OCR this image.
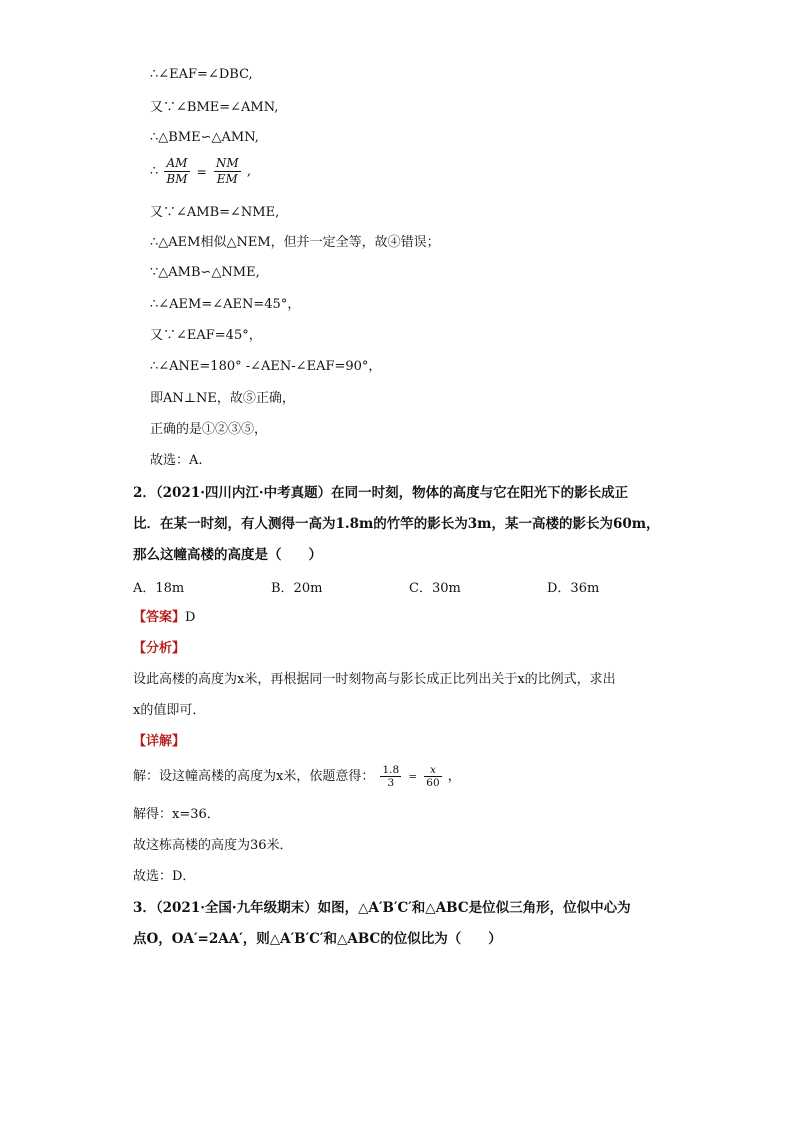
∴∠EAF=∠DBC,
又∵∠BME=∠AMN,
∴△BME∽△AMN,
∴ $\frac{AM}{BM} = \frac{NM}{EM}$ ,
又∵∠AMB=∠NME,
∴△AEM相似△NEM，但并一定全等，故④错误；
∵△AMB∽△NME,
∴∠AEM=∠AEN=45°，
又∵∠EAF=45°，
∴∠ANE=180° -∠AEN-∠EAF=90°，
即AN⊥NE，故⑤正确，
正确的是①②③⑤，
故选：A.
2．（2021·四川内江·中考真题）在同一时刻，物体的高度与它在阳光下的影长成正
比．在某一时刻，有人测得一高为1.8m的竹竿的影长为3m，某一高楼的影长为60m，
那么这幢高楼的高度是（　　）
A．18m	B．20m	C．30m	D．36m
【答案】D
【分析】
设此高楼的高度为x米，再根据同一时刻物高与影长成正比列出关于x的比例式，求出
x的值即可．
【详解】
解：设这幢高楼的高度为x米，依题意得： $\frac{1.8}{3} = \frac{x}{60}$ ，
解得：x=36．
故这栋高楼的高度为36米．
故选：D．
3．（2021·全国·九年级期末）如图，△A′B′C′和△ABC是位似三角形，位似中心为
点O，OA′=2AA′，则△A′B′C′和△ABC的位似比为（　　）
